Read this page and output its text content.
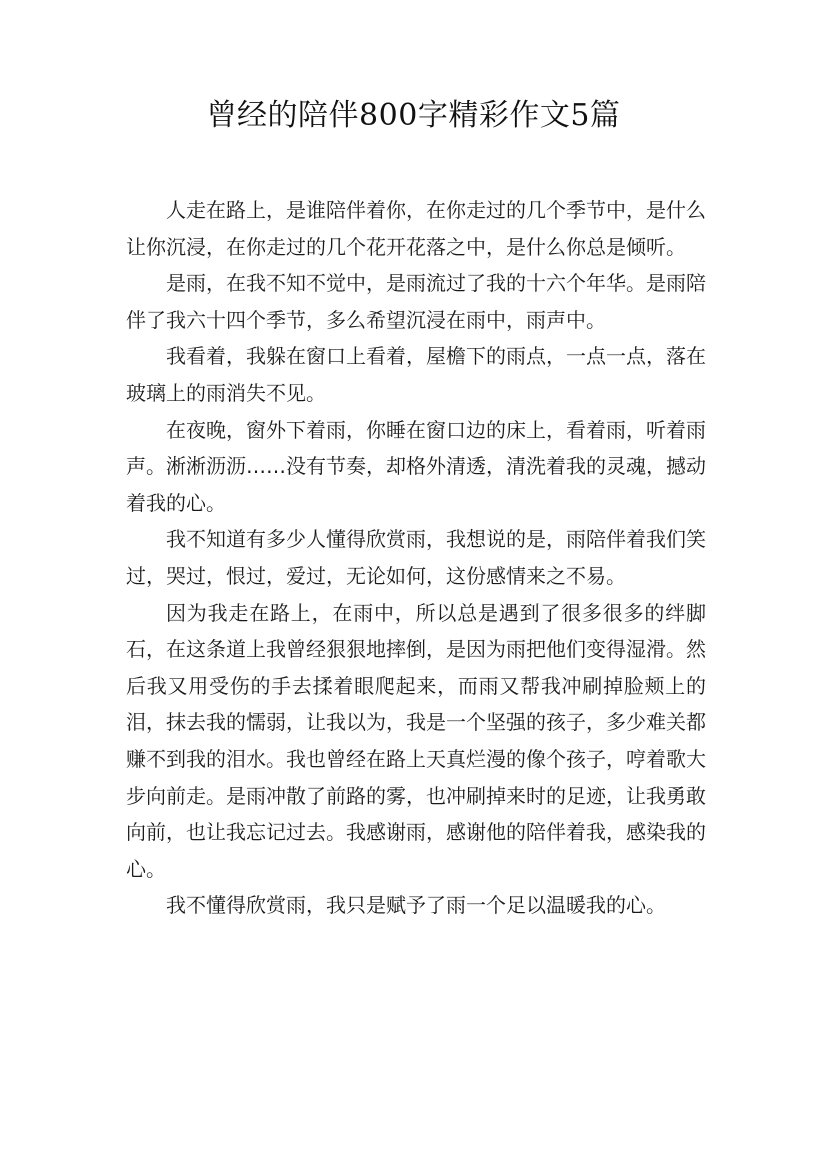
曾经的陪伴800字精彩作文5篇

人走在路上，是谁陪伴着你，在你走过的几个季节中，是什么让你沉浸，在你走过的几个花开花落之中，是什么你总是倾听。

是雨，在我不知不觉中，是雨流过了我的十六个年华。是雨陪伴了我六十四个季节，多么希望沉浸在雨中，雨声中。

我看着，我躲在窗口上看着，屋檐下的雨点，一点一点，落在玻璃上的雨消失不见。

在夜晚，窗外下着雨，你睡在窗口边的床上，看着雨，听着雨声。淅淅沥沥……没有节奏，却格外清透，清洗着我的灵魂，撼动着我的心。

我不知道有多少人懂得欣赏雨，我想说的是，雨陪伴着我们笑过，哭过，恨过，爱过，无论如何，这份感情来之不易。

因为我走在路上，在雨中，所以总是遇到了很多很多的绊脚石，在这条道上我曾经狠狠地摔倒，是因为雨把他们变得湿滑。然后我又用受伤的手去揉着眼爬起来，而雨又帮我冲刷掉脸颊上的泪，抹去我的懦弱，让我以为，我是一个坚强的孩子，多少难关都赚不到我的泪水。我也曾经在路上天真烂漫的像个孩子，哼着歌大步向前走。是雨冲散了前路的雾，也冲刷掉来时的足迹，让我勇敢向前，也让我忘记过去。我感谢雨，感谢他的陪伴着我，感染我的心。

我不懂得欣赏雨，我只是赋予了雨一个足以温暖我的心。
